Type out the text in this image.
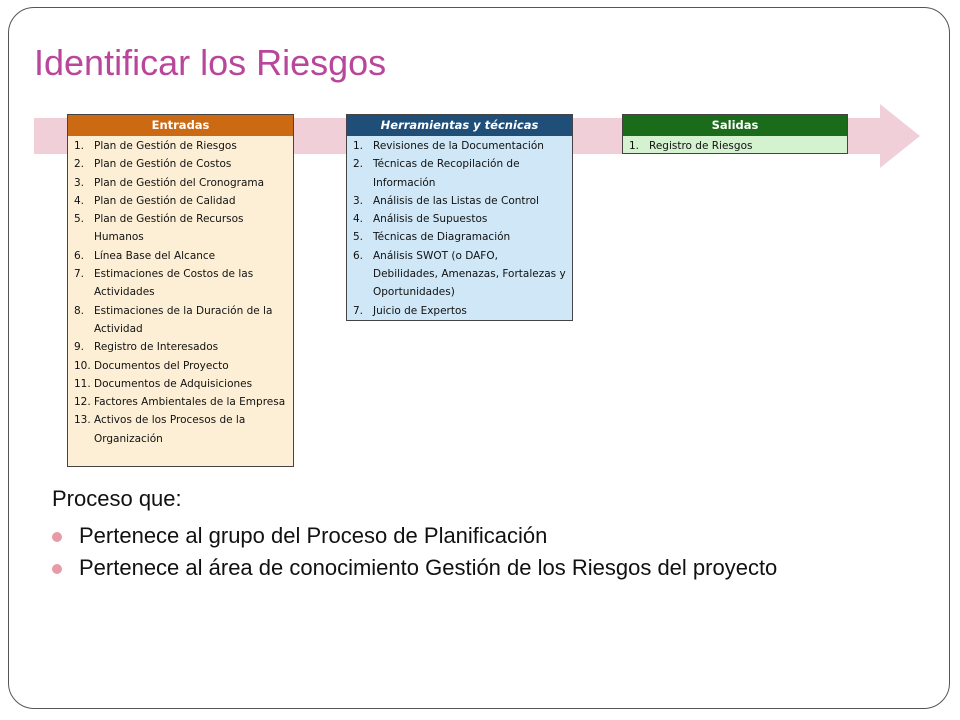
Identificar los Riesgos
Entradas
1. Plan de Gestión de Riesgos
2. Plan de Gestión de Costos
3. Plan de Gestión del Cronograma
4. Plan de Gestión de Calidad
5. Plan de Gestión de Recursos Humanos
6. Línea Base del Alcance
7. Estimaciones de Costos de las Actividades
8. Estimaciones de la Duración de la Actividad
9. Registro de Interesados
10. Documentos del Proyecto
11. Documentos de Adquisiciones
12. Factores Ambientales de la Empresa
13. Activos de los Procesos de la Organización
Herramientas y técnicas
1. Revisiones de la Documentación
2. Técnicas de Recopilación de Información
3. Análisis de las Listas de Control
4. Análisis de Supuestos
5. Técnicas de Diagramación
6. Análisis SWOT (o DAFO, Debilidades, Amenazas, Fortalezas y Oportunidades)
7. Juicio de Expertos
Salidas
1. Registro de Riesgos
Proceso que:
Pertenece al grupo del Proceso de Planificación
Pertenece al área de conocimiento Gestión de los Riesgos del proyecto
